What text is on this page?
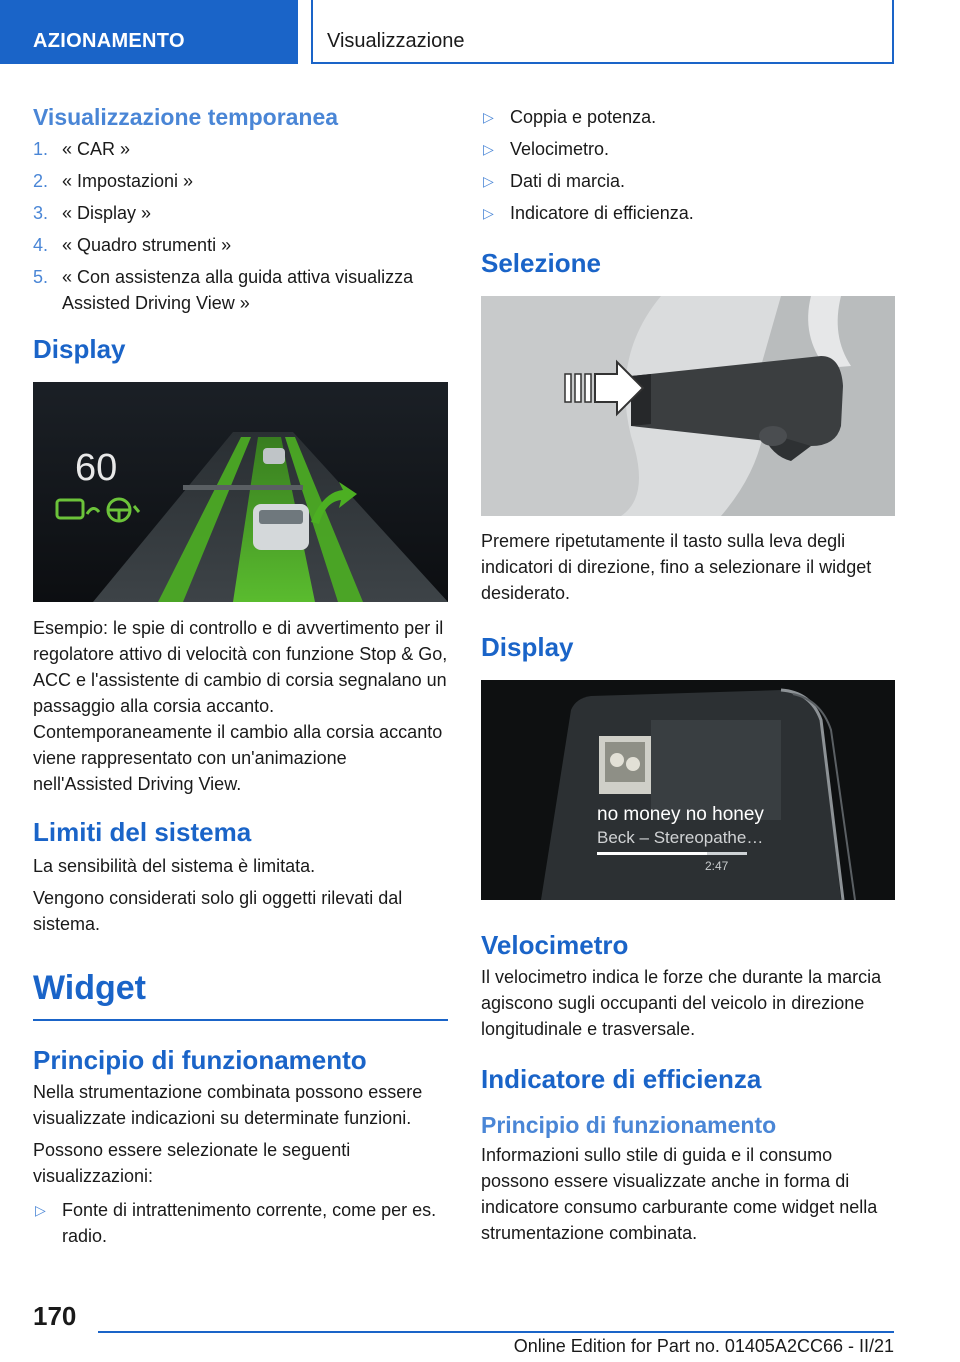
AZIONAMENTO	Visualizzazione
Visualizzazione temporanea
1. « CAR »
2. « Impostazioni »
3. « Display »
4. « Quadro strumenti »
5. « Con assistenza alla guida attiva visualizza Assisted Driving View »
Display
60

Esempio: le spie di controllo e di avvertimento per il regolatore attivo di velocità con funzione Stop & Go, ACC e l'assistente di cambio di corsia segnalano un passaggio alla corsia accanto. Contemporaneamente il cambio alla corsia accanto viene rappresentato con un'animazione nell'Assisted Driving View.

Limiti del sistema

La sensibilità del sistema è limitata.

Vengono considerati solo gli oggetti rilevati dal sistema.

Widget
Principio di funzionamento

Nella strumentazione combinata possono essere visualizzate indicazioni su determinate funzioni.

Possono essere selezionate le seguenti visualizzazioni:

▷ Fonte di intrattenimento corrente, come per es. radio.
▷ Coppia e potenza.
▷ Velocimetro.
▷ Dati di marcia.
▷ Indicatore di efficienza.
Selezione

Premere ripetutamente il tasto sulla leva degli indicatori di direzione, fino a selezionare il widget desiderato.

Display
no money no honey
Beck – Stereopathe…
2:47
Velocimetro

Il velocimetro indica le forze che durante la marcia agiscono sugli occupanti del veicolo in direzione longitudinale e trasversale.

Indicatore di efficienza
Principio di funzionamento

Informazioni sullo stile di guida e il consumo possono essere visualizzate anche in forma di indicatore consumo carburante come widget nella strumentazione combinata.

170
Online Edition for Part no. 01405A2CC66 - II/21
